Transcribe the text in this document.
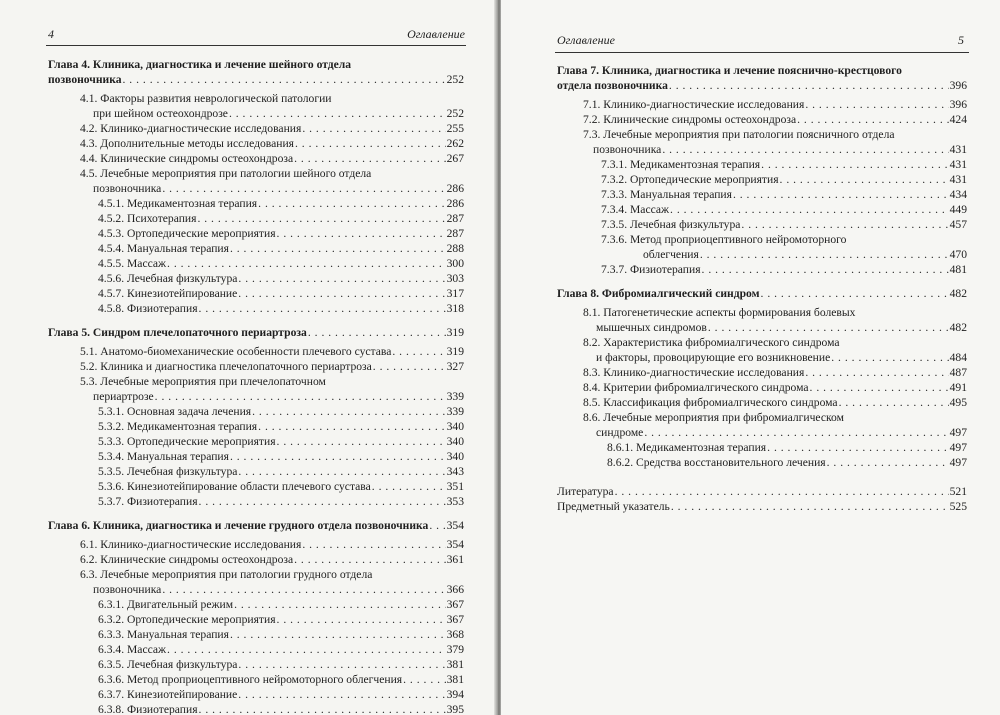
4	Оглавление
Глава 4. Клиника, диагностика и лечение шейного отдела
позвоночника . . .	252
4.1. Факторы развития неврологической патологии
при шейном остеохондрозе . . .	252
4.2. Клинико-диагностические исследования . . .	255
4.3. Дополнительные методы исследования . . .	262
4.4. Клинические синдромы остеохондроза . . .	267
4.5. Лечебные мероприятия при патологии шейного отдела
позвоночника . . .	286
4.5.1. Медикаментозная терапия . . .	286
4.5.2. Психотерапия . . .	287
4.5.3. Ортопедические мероприятия . . .	287
4.5.4. Мануальная терапия . . .	288
4.5.5. Массаж . . .	300
4.5.6. Лечебная физкультура . . .	303
4.5.7. Кинезиотейпирование . . .	317
4.5.8. Физиотерапия . . .	318
Глава 5. Синдром плечелопаточного периартроза . . .	319
5.1. Анатомо-биомеханические особенности плечевого сустава . . .	319
5.2. Клиника и диагностика плечелопаточного периартроза . . .	327
5.3. Лечебные мероприятия при плечелопаточном
периартрозе . . .	339
5.3.1. Основная задача лечения . . .	339
5.3.2. Медикаментозная терапия . . .	340
5.3.3. Ортопедические мероприятия . . .	340
5.3.4. Мануальная терапия . . .	340
5.3.5. Лечебная физкультура . . .	343
5.3.6. Кинезиотейпирование области плечевого сустава . . .	351
5.3.7. Физиотерапия . . .	353
Глава 6. Клиника, диагностика и лечение грудного отдела позвоночника . . . 354
6.1. Клинико-диагностические исследования . . .	354
6.2. Клинические синдромы остеохондроза . . .	361
6.3. Лечебные мероприятия при патологии грудного отдела
позвоночника . . .	366
6.3.1. Двигательный режим . . .	367
6.3.2. Ортопедические мероприятия . . .	367
6.3.3. Мануальная терапия . . .	368
6.3.4. Массаж . . .	379
6.3.5. Лечебная физкультура . . .	381
6.3.6. Метод проприоцептивного нейромоторного облегчения . . .	381
6.3.7. Кинезиотейпирование . . .	394
6.3.8. Физиотерапия . . .	395
Оглавление	5
Глава 7. Клиника, диагностика и лечение пояснично-крестцового
отдела позвоночника . . .	396
7.1. Клинико-диагностические исследования . . .	396
7.2. Клинические синдромы остеохондроза . . .	424
7.3. Лечебные мероприятия при патологии поясничного отдела
позвоночника . . .	431
7.3.1. Медикаментозная терапия . . .	431
7.3.2. Ортопедические мероприятия . . .	431
7.3.3. Мануальная терапия . . .	434
7.3.4. Массаж . . .	449
7.3.5. Лечебная физкультура . . .	457
7.3.6. Метод проприоцептивного нейромоторного
облегчения . . .	470
7.3.7. Физиотерапия . . .	481
Глава 8. Фибромиалгический синдром . . .	482
8.1. Патогенетические аспекты формирования болевых
мышечных синдромов . . .	482
8.2. Характеристика фибромиалгического синдрома
и факторы, провоцирующие его возникновение . . .	484
8.3. Клинико-диагностические исследования . . .	487
8.4. Критерии фибромиалгического синдрома . . .	491
8.5. Классификация фибромиалгического синдрома . . .	495
8.6. Лечебные мероприятия при фибромиалгическом
синдроме . . .	497
8.6.1. Медикаментозная терапия . . .	497
8.6.2. Средства восстановительного лечения . . .	497
Литература . . .	521
Предметный указатель . . .	525
